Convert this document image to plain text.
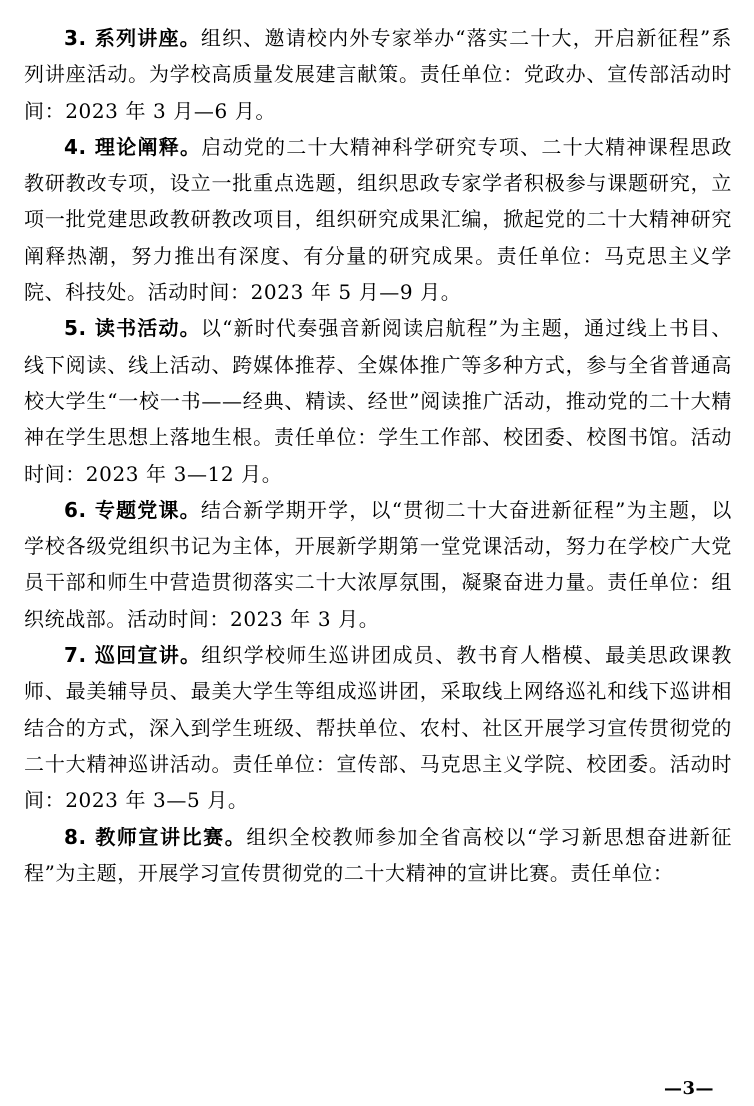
3. 系列讲座。组织、邀请校内外专家举办“落实二十大，开启新征程”系列讲座活动。为学校高质量发展建言献策。责任单位：党政办、宣传部活动时间：2023 年 3 月—6 月。

4. 理论阐释。启动党的二十大精神科学研究专项、二十大精神课程思政教研教改专项，设立一批重点选题，组织思政专家学者积极参与课题研究，立项一批党建思政教研教改项目，组织研究成果汇编，掀起党的二十大精神研究阐释热潮，努力推出有深度、有分量的研究成果。责任单位：马克思主义学院、科技处。活动时间：2023 年 5 月—9 月。

5. 读书活动。以“新时代奏强音新阅读启航程”为主题，通过线上书目、线下阅读、线上活动、跨媒体推荐、全媒体推广等多种方式，参与全省普通高校大学生“一校一书——经典、精读、经世”阅读推广活动，推动党的二十大精神在学生思想上落地生根。责任单位：学生工作部、校团委、校图书馆。活动时间：2023 年 3—12 月。

6. 专题党课。结合新学期开学，以“贯彻二十大奋进新征程”为主题，以学校各级党组织书记为主体，开展新学期第一堂党课活动，努力在学校广大党员干部和师生中营造贯彻落实二十大浓厚氛围，凝聚奋进力量。责任单位：组织统战部。活动时间：2023 年 3 月。

7. 巡回宣讲。组织学校师生巡讲团成员、教书育人楷模、最美思政课教师、最美辅导员、最美大学生等组成巡讲团，采取线上网络巡礼和线下巡讲相结合的方式，深入到学生班级、帮扶单位、农村、社区开展学习宣传贯彻党的二十大精神巡讲活动。责任单位：宣传部、马克思主义学院、校团委。活动时间：2023 年 3—5 月。

8. 教师宣讲比赛。组织全校教师参加全省高校以“学习新思想奋进新征程”为主题，开展学习宣传贯彻党的二十大精神的宣讲比赛。责任单位：

—3—
